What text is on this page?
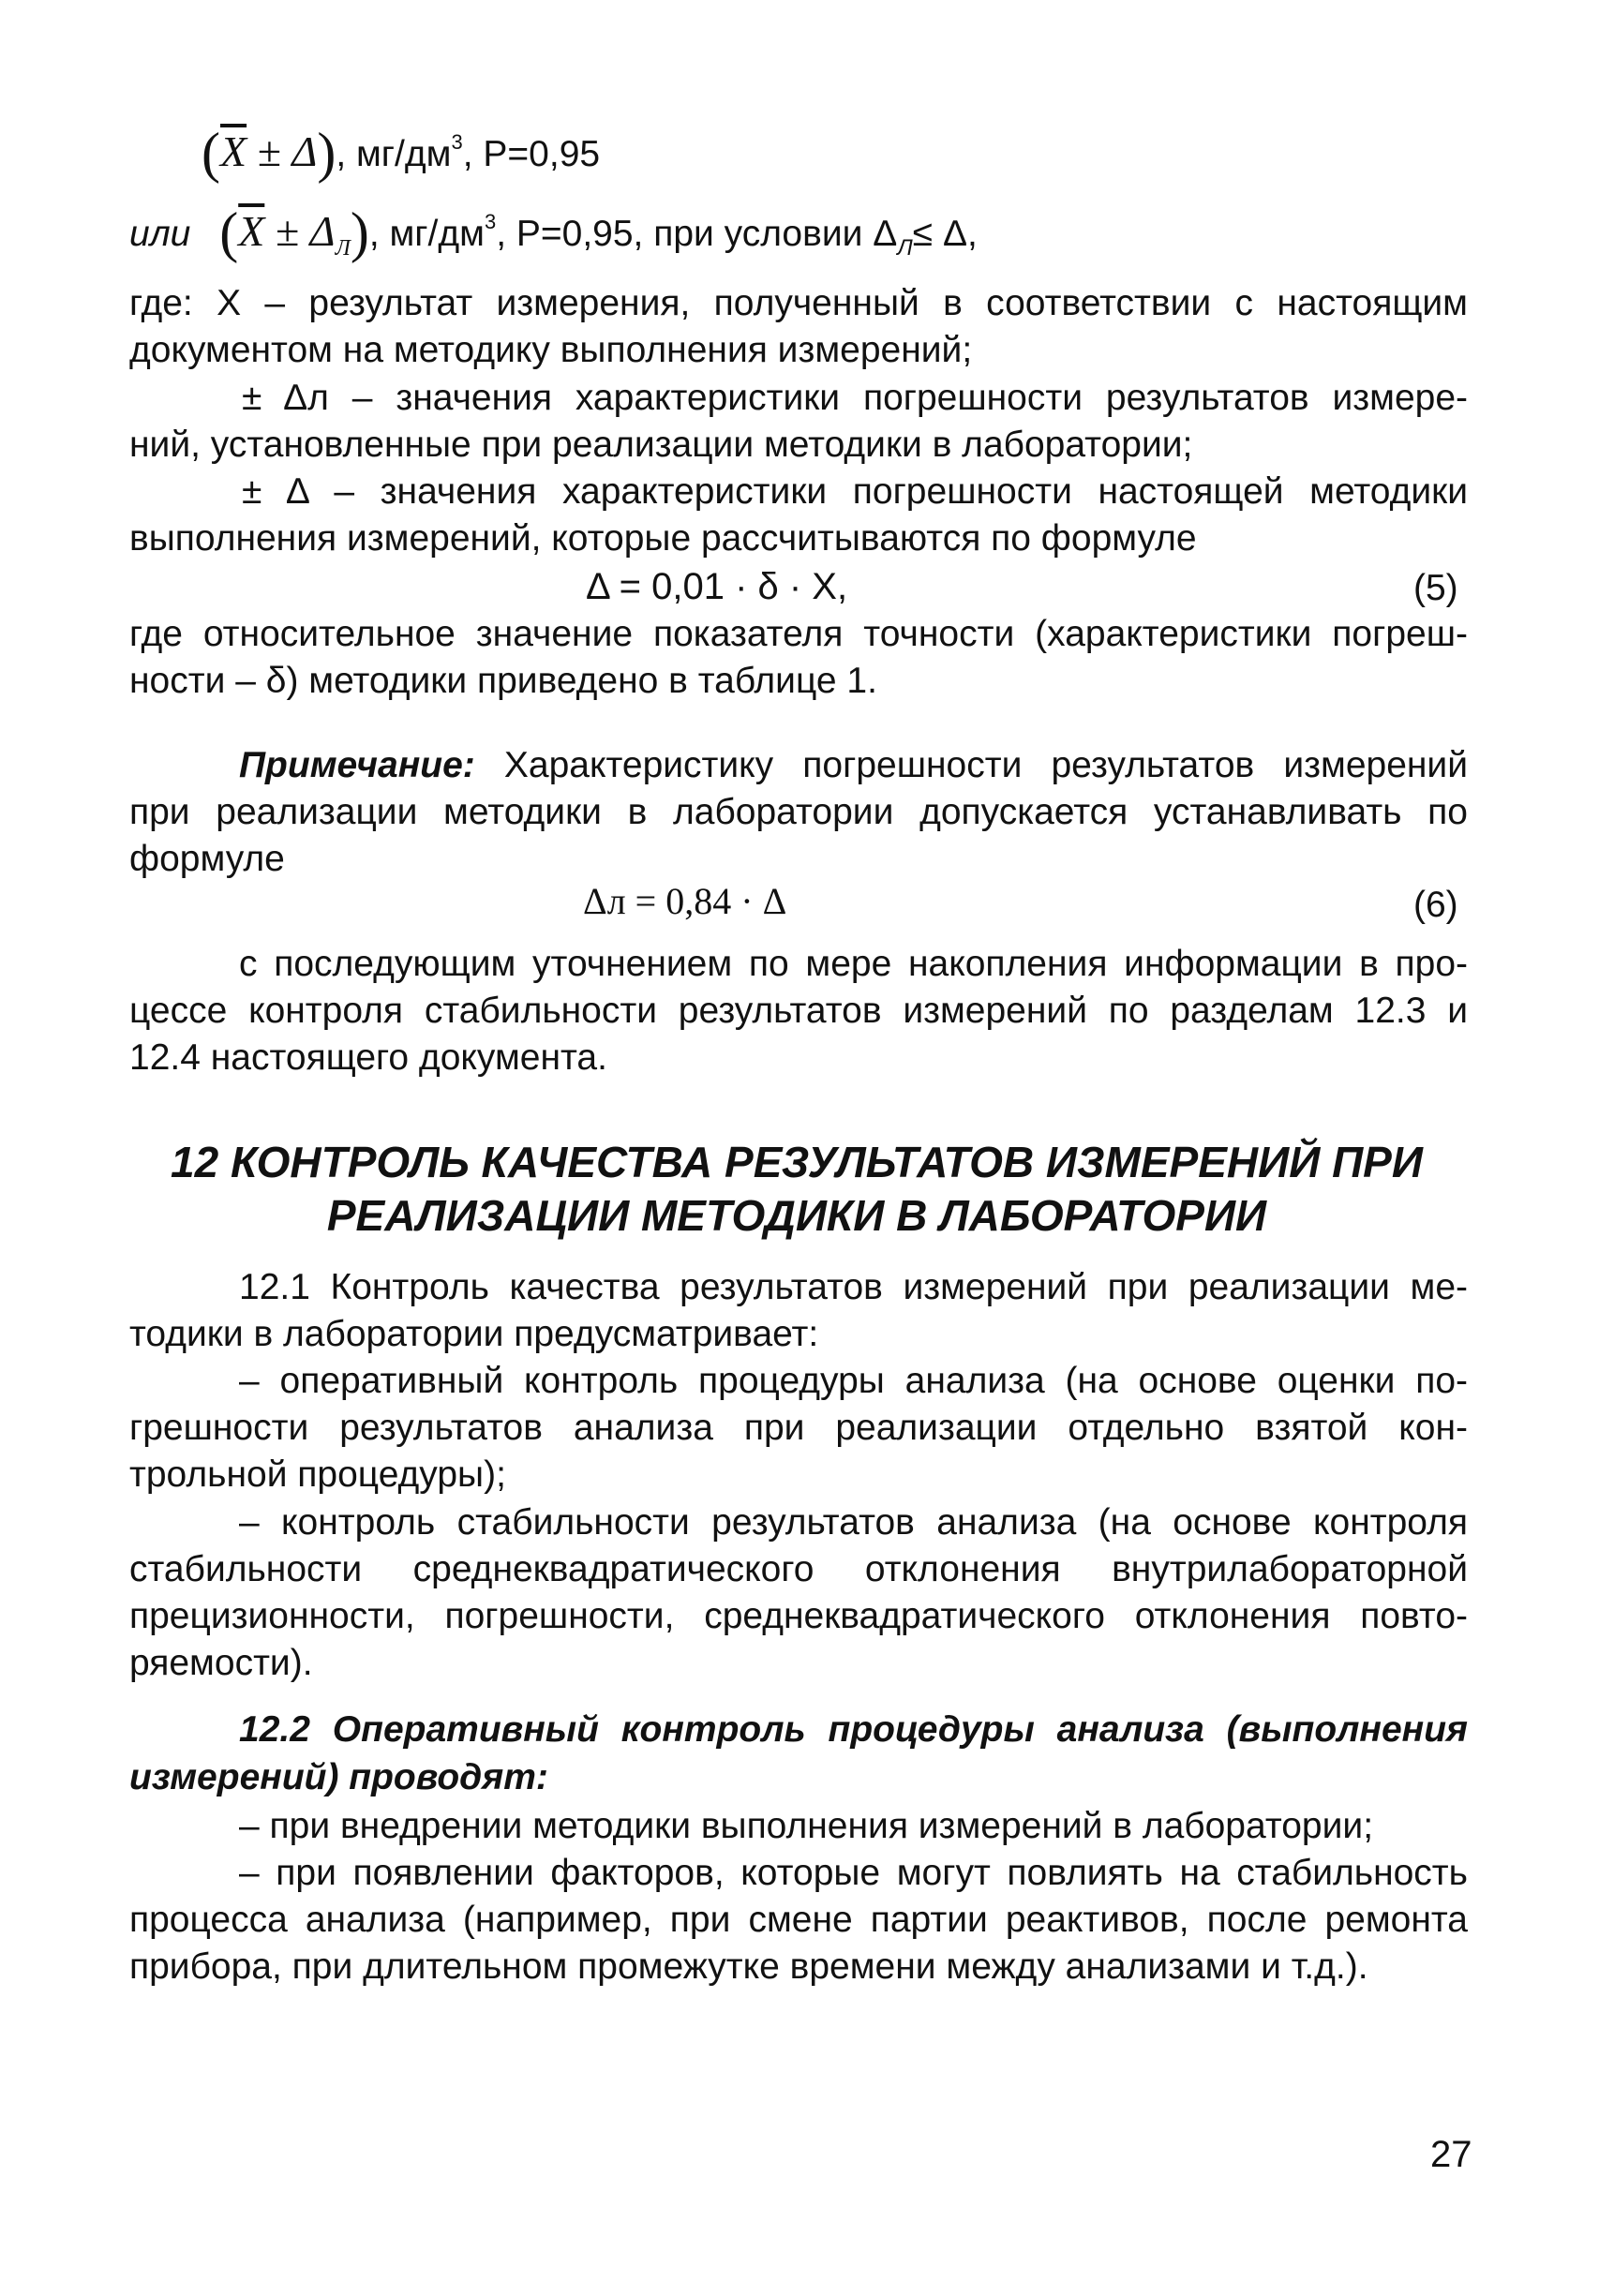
$(\overline{X} \pm \Delta)$, $мг/дм^3$, Р=0,95
или $(\overline{X} \pm \Delta_Л)$, $мг/дм^3$, Р=0,95, при условии $\Delta_Л\le \Delta$,
где: Х – результат измерения, полученный в соответствии с настоящим
документом на методику выполнения измерений;
± Δл – значения характеристики погрешности результатов измере-
ний, установленные при реализации методики в лаборатории;
± Δ – значения характеристики погрешности настоящей методики
выполнения измерений, которые рассчитываются по формуле
Δ = 0,01 · δ · X,	(5)
где относительное значение показателя точности (характеристики погреш-
ности – δ) методики приведено в таблице 1.
Примечание: Характеристику погрешности результатов измерений
при реализации методики в лаборатории допускается устанавливать по
формуле
Δл = 0,84 · Δ	(6)
с последующим уточнением по мере накопления информации в про-
цессе контроля стабильности результатов измерений по разделам 12.3 и
12.4 настоящего документа.
12 КОНТРОЛЬ КАЧЕСТВА РЕЗУЛЬТАТОВ ИЗМЕРЕНИЙ ПРИ
РЕАЛИЗАЦИИ МЕТОДИКИ В ЛАБОРАТОРИИ
12.1 Контроль качества результатов измерений при реализации ме-
тодики в лаборатории предусматривает:
– оперативный контроль процедуры анализа (на основе оценки по-
грешности результатов анализа при реализации отдельно взятой кон-
трольной процедуры);
– контроль стабильности результатов анализа (на основе контроля
стабильности среднеквадратического отклонения внутрилабораторной
прецизионности, погрешности, среднеквадратического отклонения повто-
ряемости).
12.2 Оперативный контроль процедуры анализа (выполнения
измерений) проводят:
– при внедрении методики выполнения измерений в лаборатории;
– при появлении факторов, которые могут повлиять на стабильность
процесса анализа (например, при смене партии реактивов, после ремонта
прибора, при длительном промежутке времени между анализами и т.д.).
27
